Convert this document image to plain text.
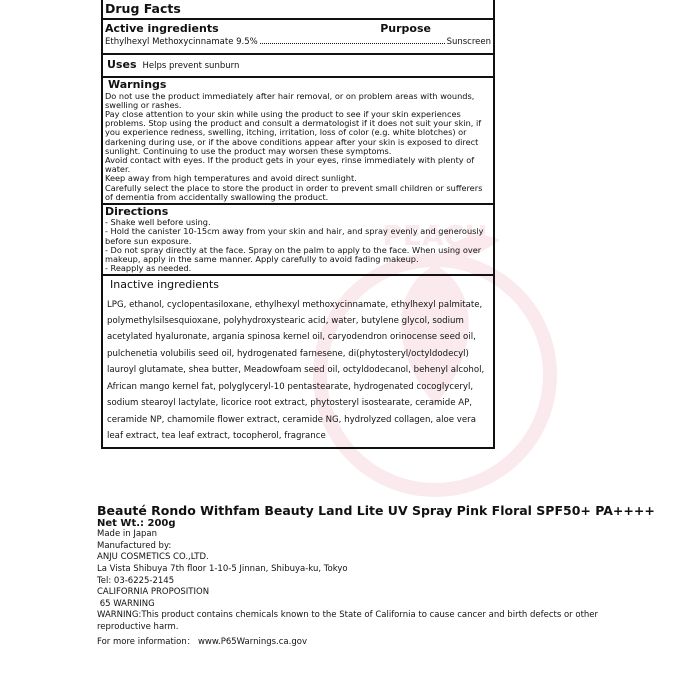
PEACH
Drug Facts
Active ingredients	Purpose
Ethylhexyl Methoxycinnamate 9.5%	Sunscreen
Uses Helps prevent sunburn
Warnings

Do not use the product immediately after hair removal, or on problem areas with wounds, swelling or rashes.

Pay close attention to your skin while using the product to see if your skin experiences problems. Stop using the product and consult a dermatologist if it does not suit your skin, if you experience redness, swelling, itching, irritation, loss of color (e.g. white blotches) or darkening during use, or if the above conditions appear after your skin is exposed to direct sunlight. Continuing to use the product may worsen these symptoms.

Avoid contact with eyes. If the product gets in your eyes, rinse immediately with plenty of water.

Keep away from high temperatures and avoid direct sunlight.

Carefully select the place to store the product in order to prevent small children or sufferers of dementia from accidentally swallowing the product.

Directions

- Shake well before using.

- Hold the canister 10-15cm away from your skin and hair, and spray evenly and generously before sun exposure.

- Do not spray directly at the face. Spray on the palm to apply to the face. When using over makeup, apply in the same manner. Apply carefully to avoid fading makeup.

- Reapply as needed.

Inactive ingredients
LPG, ethanol, cyclopentasiloxane, ethylhexyl methoxycinnamate, ethylhexyl palmitate, polymethylsilsesquioxane, polyhydroxystearic acid, water, butylene glycol, sodium acetylated hyaluronate, argania spinosa kernel oil, caryodendron orinocense seed oil, pulchenetia volubilis seed oil, hydrogenated farnesene, di(phytosteryl/octyldodecyl) lauroyl glutamate, shea butter, Meadowfoam seed oil, octyldodecanol, behenyl alcohol, African mango kernel fat, polyglyceryl-10 pentastearate, hydrogenated cocoglyceryl, sodium stearoyl lactylate, licorice root extract, phytosteryl isostearate, ceramide AP, ceramide NP, chamomile flower extract, ceramide NG, hydrolyzed collagen, aloe vera leaf extract, tea leaf extract, tocopherol, fragrance
Beauté Rondo Withfam Beauty Land Lite UV Spray Pink Floral SPF50+ PA++++
Net Wt.: 200g
Made in Japan
Manufactured by:
ANJU COSMETICS CO.,LTD.
La Vista Shibuya 7th floor 1-10-5 Jinnan, Shibuya-ku, Tokyo
Tel: 03-6225-2145
CALIFORNIA PROPOSITION
65 WARNING
WARNING:This product contains chemicals known to the State of California to cause cancer and birth defects or other reproductive harm.
For more information： www.P65Warnings.ca.gov
